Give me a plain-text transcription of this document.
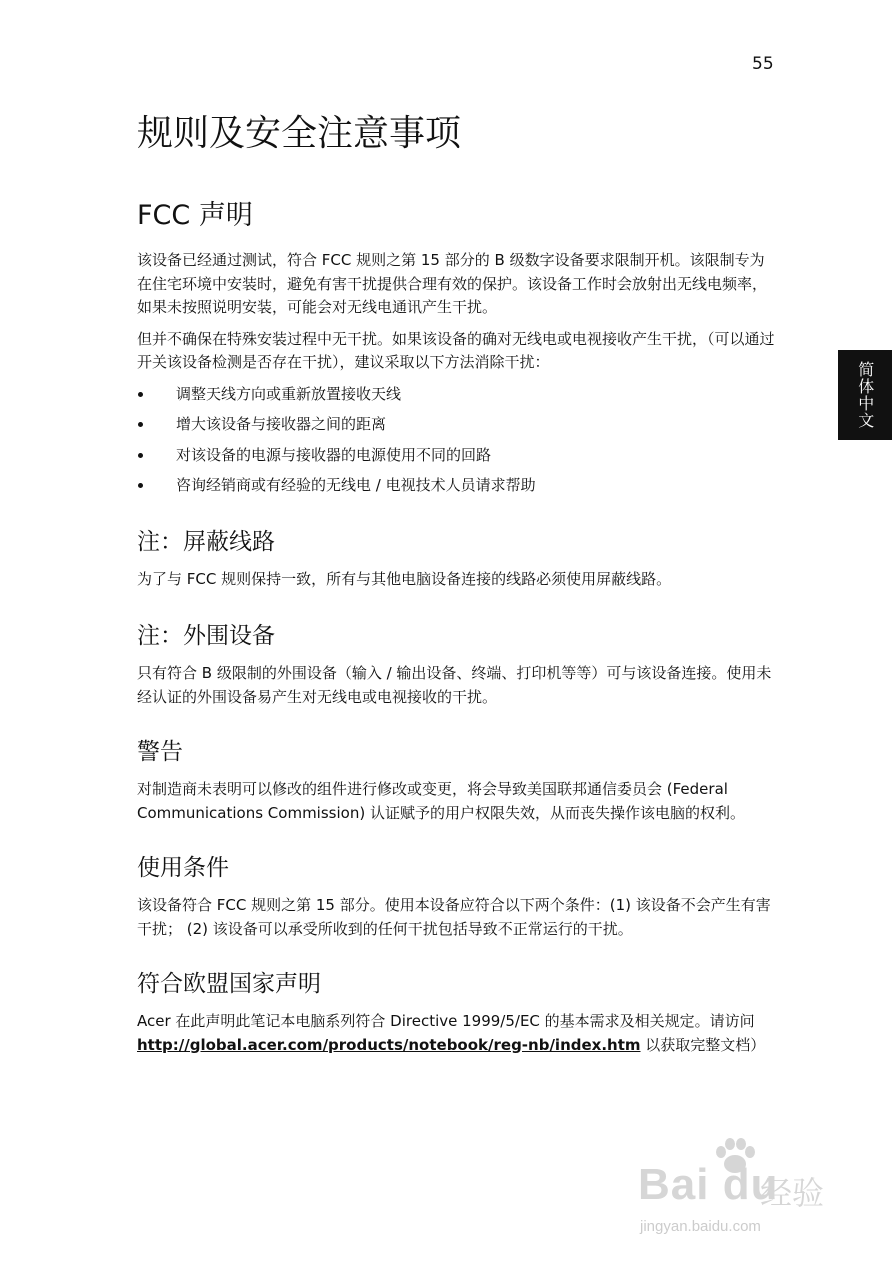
55
简体中文
规则及安全注意事项
FCC 声明

该设备已经通过测试，符合 FCC 规则之第 15 部分的 B 级数字设备要求限制开机。该限制专为在住宅环境中安装时，避免有害干扰提供合理有效的保护。该设备工作时会放射出无线电频率，如果未按照说明安装，可能会对无线电通讯产生干扰。

但并不确保在特殊安装过程中无干扰。如果该设备的确对无线电或电视接收产生干扰，（可以通过开关该设备检测是否存在干扰），建议采取以下方法消除干扰：

调整天线方向或重新放置接收天线
增大该设备与接收器之间的距离
对该设备的电源与接收器的电源使用不同的回路
咨询经销商或有经验的无线电 / 电视技术人员请求帮助
注：屏蔽线路

为了与 FCC 规则保持一致，所有与其他电脑设备连接的线路必须使用屏蔽线路。

注：外围设备

只有符合 B 级限制的外围设备（输入 / 输出设备、终端、打印机等等）可与该设备连接。使用未经认证的外围设备易产生对无线电或电视接收的干扰。

警告

对制造商未表明可以修改的组件进行修改或变更，将会导致美国联邦通信委员会 (Federal Communications Commission) 认证赋予的用户权限失效，从而丧失操作该电脑的权利。

使用条件

该设备符合 FCC 规则之第 15 部分。使用本设备应符合以下两个条件：(1) 该设备不会产生有害干扰； (2) 该设备可以承受所收到的任何干扰包括导致不正常运行的干扰。

符合欧盟国家声明

Acer 在此声明此笔记本电脑系列符合 Directive 1999/5/EC 的基本需求及相关规定。请访问 http://global.acer.com/products/notebook/reg-nb/index.htm 以获取完整文档）

Bai du
经验
jingyan.baidu.com
